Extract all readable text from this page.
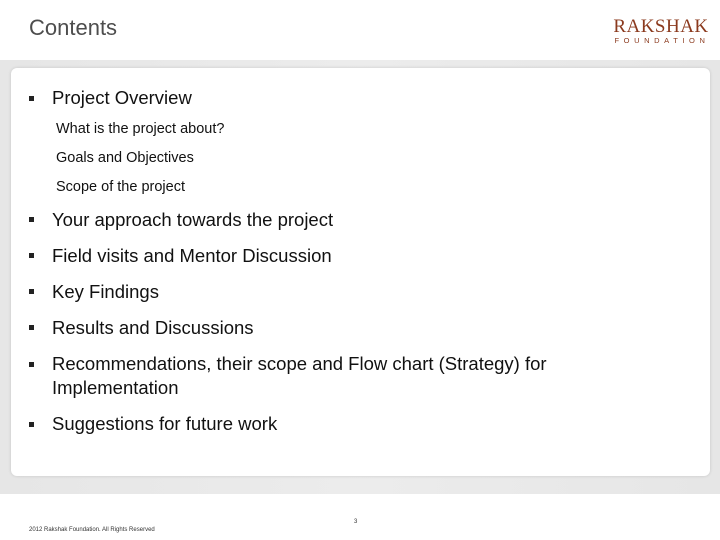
Contents	RAKSHAK
FOUNDATION
Project Overview
What is the project about?
Goals and Objectives
Scope of the project
Your approach towards the project
Field visits and Mentor Discussion
Key Findings
Results and Discussions
Recommendations, their scope and Flow chart (Strategy) for Implementation
Suggestions for future work
2012 Rakshak Foundation. All Rights Reserved
3
